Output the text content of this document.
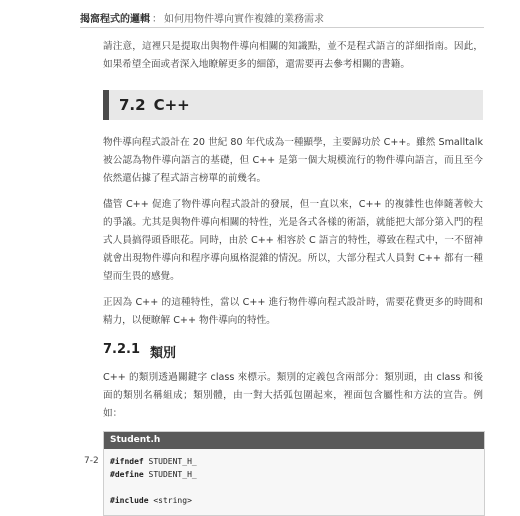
揭窩程式的邏輯 ： 如何用物件導向實作複雜的業務需求

請注意，這裡只是提取出與物件導向相關的知識點，並不是程式語言的詳細指南。因此，如果希望全面或者深入地瞭解更多的細節，還需要再去參考相關的書籍。

7.2 C++

物件導向程式設計在 20 世紀 80 年代成為一種顯學，主要歸功於 C++。雖然 Smalltalk 被公認為物件導向語言的基礎，但 C++ 是第一個大規模流行的物件導向語言，而且至今依然還佔據了程式語言榜單的前幾名。

儘管 C++ 促進了物件導向程式設計的發展，但一直以來，C++ 的複雜性也俸隨著較大的爭議。尤其是與物件導向相關的特性，光是各式各樣的術語，就能把大部分第入門的程式人員搞得頭昏眼花。同時，由於 C++ 相容於 C 語言的特性，導致在程式中，一不留神就會出現物件導向和程序導向風格混雜的情況。所以，大部分程式人員對 C++ 都有一種望而生畏的感覺。

正因為 C++ 的這種特性，當以 C++ 進行物件導向程式設計時，需要花費更多的時間和精力，以便瞭解 C++ 物件導向的特性。

7.2.1 類別

C++ 的類別透過關鍵字 class 來標示。類別的定義包含兩部分：類別頭，由 class 和後面的類別名稱組成；類別體，由一對大括弧包圍起來，裡面包含屬性和方法的宣告。例如：

Student.h
#ifndef STUDENT_H_
#define STUDENT_H_
#include <string>
7-2
